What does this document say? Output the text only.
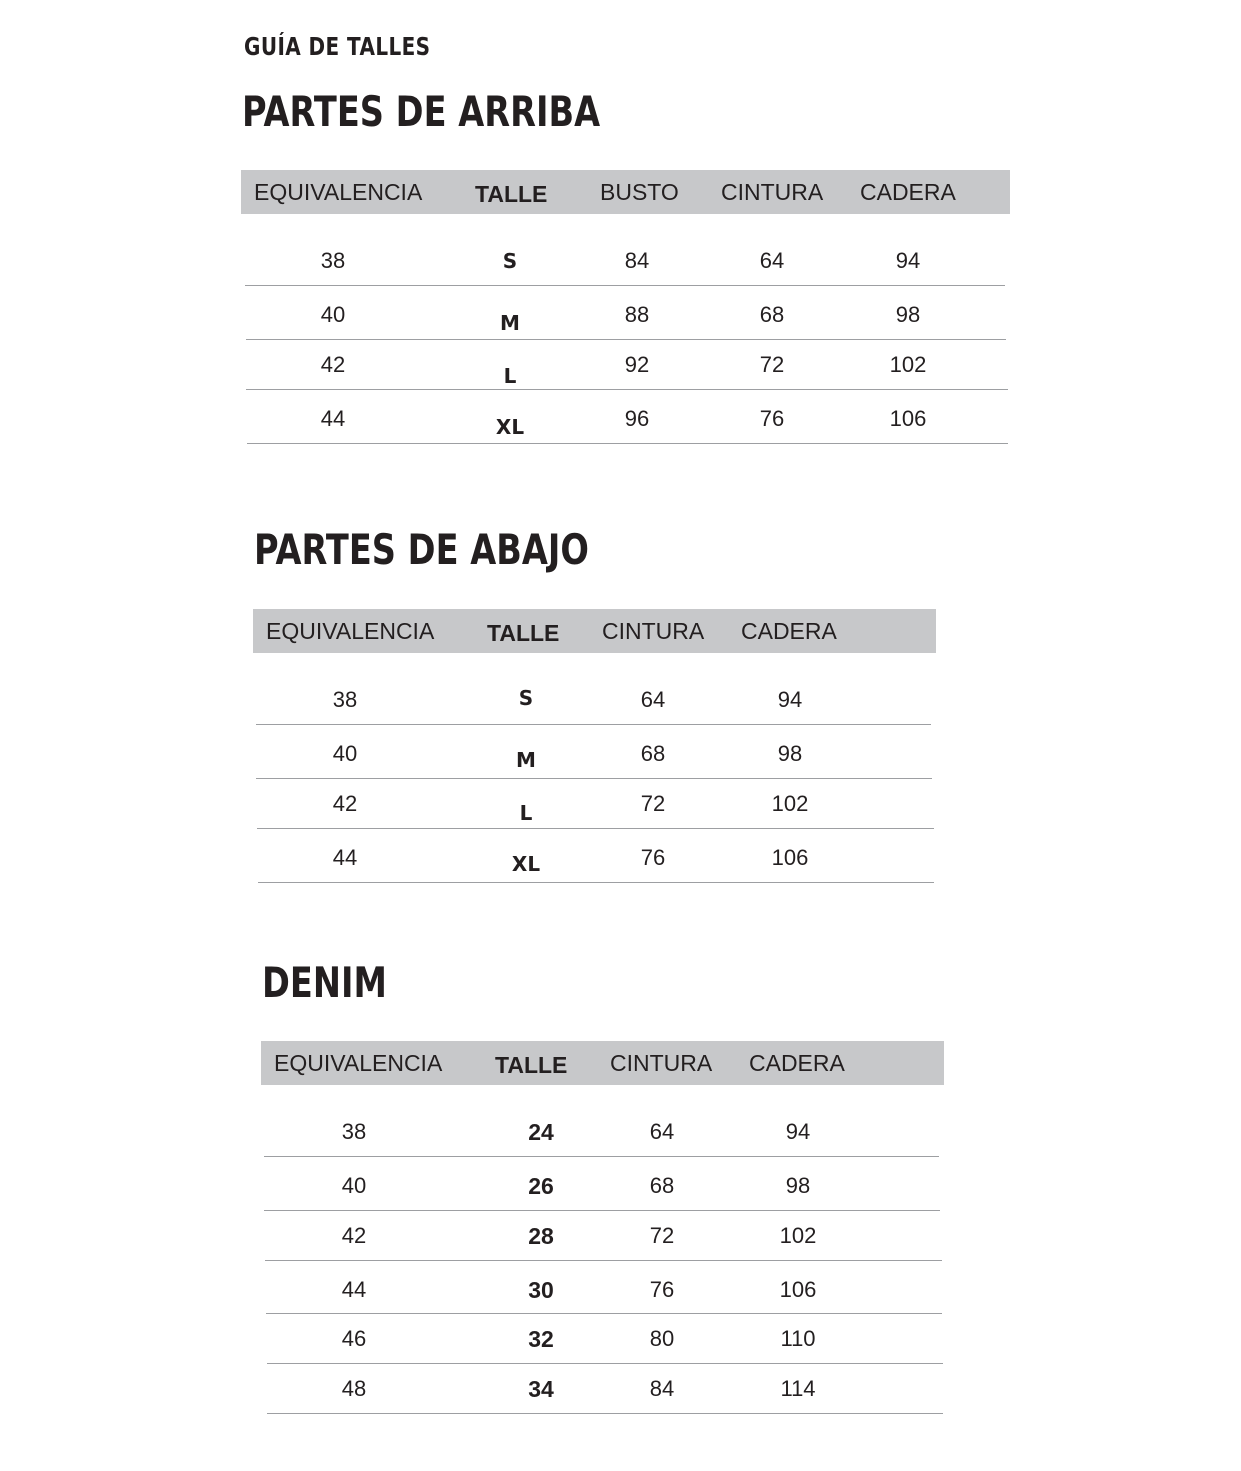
GUÍA DE TALLES
PARTES DE ARRIBA
EQUIVALENCIA TALLE BUSTO CINTURA CADERA
38	S	84	64	94
40	M	88	68	98
42	L	92	72	102
44	XL	96	76	106
PARTES DE ABAJO
EQUIVALENCIA TALLE CINTURA CADERA
38	S	64	94
40	M	68	98
42	L	72	102
44	XL	76	106
DENIM
EQUIVALENCIA TALLE CINTURA CADERA
38	24	64	94
40	26	68	98
42	28	72	102
44	30	76	106
46	32	80	110
48	34	84	114
